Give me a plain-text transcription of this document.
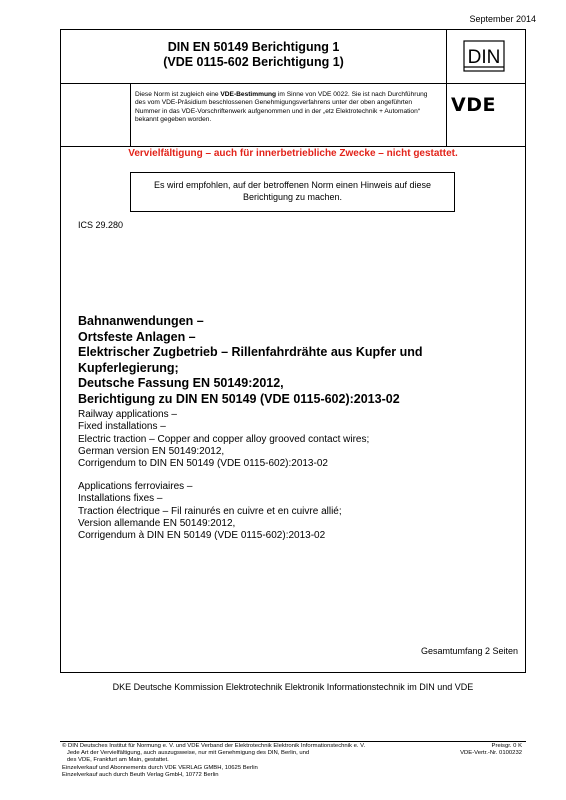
September 2014
DIN EN 50149 Berichtigung 1
(VDE 0115-602 Berichtigung 1)	DIN
Diese Norm ist zugleich eine VDE-Bestimmung im Sinne von VDE 0022. Sie ist nach Durchführung des vom VDE-Präsidium beschlossenen Genehmigungsverfahrens unter der oben angeführten Nummer in das VDE-Vorschriftenwerk aufgenommen und in der „etz Elektrotechnik + Automation“ bekannt gegeben worden.
VDE
Vervielfältigung – auch für innerbetriebliche Zwecke – nicht gestattet.
Es wird empfohlen, auf der betroffenen Norm einen Hinweis auf diese
Berichtigung zu machen.
ICS 29.280
Bahnanwendungen –
Ortsfeste Anlagen –
Elektrischer Zugbetrieb – Rillenfahrdrähte aus Kupfer und
Kupferlegierung;
Deutsche Fassung EN 50149:2012,
Berichtigung zu DIN EN 50149 (VDE 0115-602):2013-02
Railway applications –
Fixed installations –
Electric traction – Copper and copper alloy grooved contact wires;
German version EN 50149:2012,
Corrigendum to DIN EN 50149 (VDE 0115-602):2013-02
Applications ferroviaires –
Installations fixes –
Traction électrique – Fil rainurés en cuivre et en cuivre allié;
Version allemande EN 50149:2012,
Corrigendum à DIN EN 50149 (VDE 0115-602):2013-02
Gesamtumfang 2 Seiten
DKE Deutsche Kommission Elektrotechnik Elektronik Informationstechnik im DIN und VDE
© DIN Deutsches Institut für Normung e. V. und VDE Verband der Elektrotechnik Elektronik Informationstechnik e. V.
Jede Art der Vervielfältigung, auch auszugsweise, nur mit Genehmigung des DIN, Berlin, und
des VDE, Frankfurt am Main, gestattet.
Einzelverkauf und Abonnements durch VDE VERLAG GMBH, 10625 Berlin
Einzelverkauf auch durch Beuth Verlag GmbH, 10772 Berlin
Preisgr. 0 K
VDE-Vertr.-Nr. 0100232
